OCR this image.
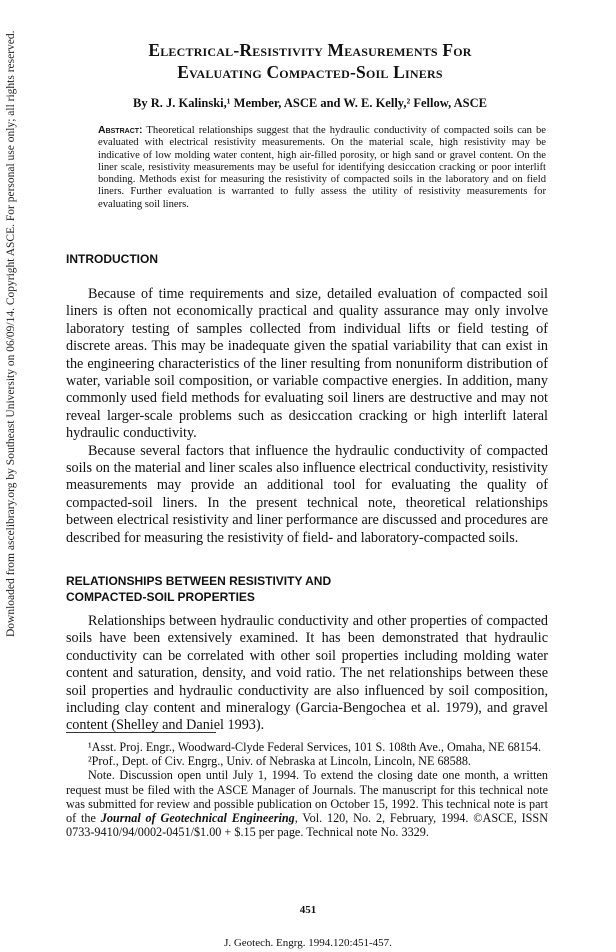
Downloaded from ascelibrary.org by Southeast University on 06/09/14. Copyright ASCE. For personal use only; all rights reserved.	Electrical-Resistivity Measurements For
Evaluating Compacted-Soil Liners
By R. J. Kalinski,¹ Member, ASCE and W. E. Kelly,² Fellow, ASCE
Abstract: Theoretical relationships suggest that the hydraulic conductivity of compacted soils can be evaluated with electrical resistivity measurements. On the material scale, high resistivity may be indicative of low molding water content, high air-filled porosity, or high sand or gravel content. On the liner scale, resistivity measurements may be useful for identifying desiccation cracking or poor interlift bonding. Methods exist for measuring the resistivity of compacted soils in the laboratory and on field liners. Further evaluation is warranted to fully assess the utility of resistivity measurements for evaluating soil liners.
INTRODUCTION

Because of time requirements and size, detailed evaluation of compacted soil liners is often not economically practical and quality assurance may only involve laboratory testing of samples collected from individual lifts or field testing of discrete areas. This may be inadequate given the spatial variability that can exist in the engineering characteristics of the liner resulting from nonuniform distribution of water, variable soil composition, or variable compactive energies. In addition, many commonly used field methods for evaluating soil liners are destructive and may not reveal larger-scale problems such as desiccation cracking or high interlift lateral hydraulic conductivity.

Because several factors that influence the hydraulic conductivity of compacted soils on the material and liner scales also influence electrical conductivity, resistivity measurements may provide an additional tool for evaluating the quality of compacted-soil liners. In the present technical note, theoretical relationships between electrical resistivity and liner performance are discussed and procedures are described for measuring the resistivity of field- and laboratory-compacted soils.

RELATIONSHIPS BETWEEN RESISTIVITY AND
COMPACTED-SOIL PROPERTIES

Relationships between hydraulic conductivity and other properties of compacted soils have been extensively examined. It has been demonstrated that hydraulic conductivity can be correlated with other soil properties including molding water content and saturation, density, and void ratio. The net relationships between these soil properties and hydraulic conductivity are also influenced by soil composition, including clay content and mineralogy (Garcia-Bengochea et al. 1979), and gravel content (Shelley and Daniel 1993).

¹Asst. Proj. Engr., Woodward-Clyde Federal Services, 101 S. 108th Ave., Omaha, NE 68154.

²Prof., Dept. of Civ. Engrg., Univ. of Nebraska at Lincoln, Lincoln, NE 68588.

Note. Discussion open until July 1, 1994. To extend the closing date one month, a written request must be filed with the ASCE Manager of Journals. The manuscript for this technical note was submitted for review and possible publication on October 15, 1992. This technical note is part of the Journal of Geotechnical Engineering, Vol. 120, No. 2, February, 1994. ©ASCE, ISSN 0733-9410/94/0002-0451/$1.00 + $.15 per page. Technical note No. 3329.

451
J. Geotech. Engrg. 1994.120:451-457.
